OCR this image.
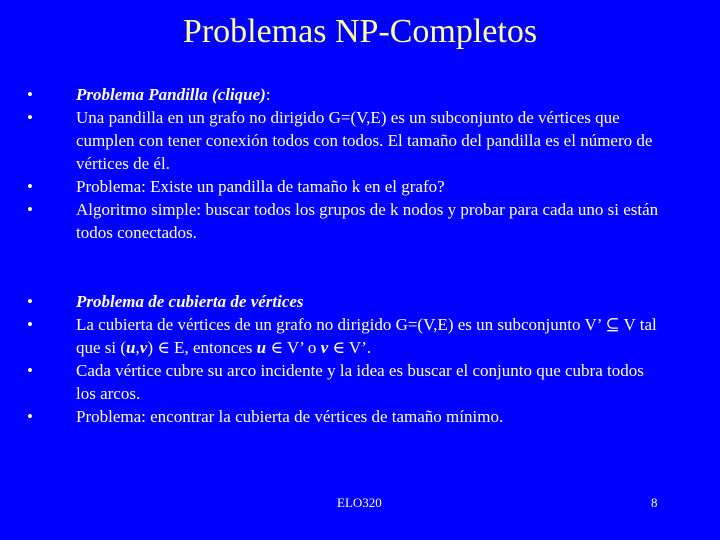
Problemas NP-Completos
•	Problema Pandilla (clique):
•	Una pandilla en un grafo no dirigido G=(V,E) es un subconjunto de vértices que cumplen con tener conexión todos con todos. El tamaño del pandilla es el número de vértices de él.
•	Problema: Existe un pandilla de tamaño k en el grafo?
•	Algoritmo simple: buscar todos los grupos de k nodos y probar para cada uno si están todos conectados.
•	Problema de cubierta de vértices
•	La cubierta de vértices de un grafo no dirigido G=(V,E) es un subconjunto V’ ⊆ V tal que si (u,v) ∈ E, entonces u ∈ V’ o v ∈ V’.
•	Cada vértice cubre su arco incidente y la idea es buscar el conjunto que cubra todos los arcos.
•	Problema: encontrar la cubierta de vértices de tamaño mínimo.
ELO320	8
